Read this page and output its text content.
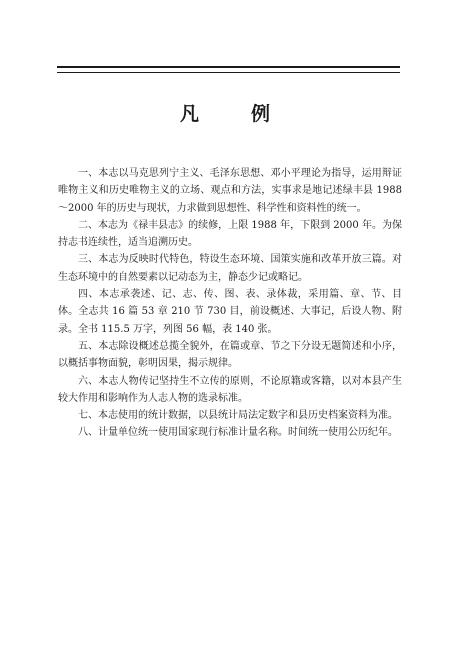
凡	例

一、本志以马克思列宁主义、毛泽东思想、邓小平理论为指导，运用辩证唯物主义和历史唯物主义的立场、观点和方法，实事求是地记述绿丰县 1988～2000 年的历史与现状，力求做到思想性、科学性和资料性的统一。

二、本志为《禄丰县志》的续修，上限 1988 年，下限到 2000 年。为保持志书连续性，适当追溯历史。

三、本志为反映时代特色，特设生态环境、国策实施和改革开放三篇。对生态环境中的自然要素以记动态为主，静态少记或略记。

四、本志承袭述、记、志、传、图、表、录体裁，采用篇、章、节、目体。全志共 16 篇 53 章 210 节 730 目，前设概述、大事记，后设人物、附录。全书 115.5 万字，列图 56 幅，表 140 张。

五、本志除设概述总揽全貌外，在篇或章、节之下分设无题简述和小序，以概括事物面貌，彰明因果，揭示规律。

六、本志人物传记坚持生不立传的原则，不论原籍或客籍，以对本县产生较大作用和影响作为人志人物的选录标准。

七、本志使用的统计数据，以县统计局法定数字和县历史档案资料为准。

八、计量单位统一使用国家现行标准计量名称。时间统一使用公历纪年。
